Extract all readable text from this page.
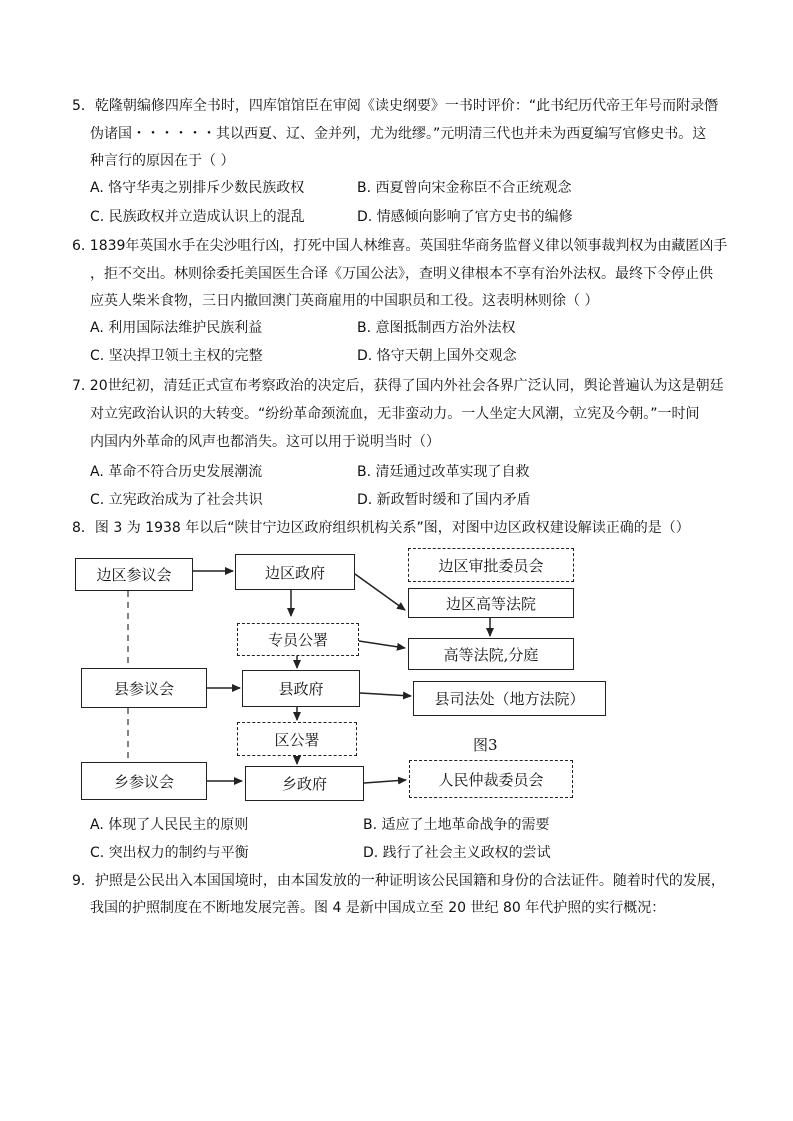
5．乾隆朝编修四库全书时，四库馆馆臣在审阅《读史纲要》一书时评价：“此书纪历代帝王年号而附录僭
伪诸国・・・・・・其以西夏、辽、金并列，尤为纰缪。”元明清三代也并未为西夏编写官修史书。这
种言行的原因在于（ ）
A. 恪守华夷之别排斥少数民族政权	B. 西夏曾向宋金称臣不合正统观念
C. 民族政权并立造成认识上的混乱	D. 情感倾向影响了官方史书的编修
6. 1839年英国水手在尖沙咀行凶，打死中国人林维喜。英国驻华商务监督义律以领事裁判权为由藏匿凶手
，拒不交出。林则徐委托美国医生合译《万国公法》，查明义律根本不享有治外法权。最终下令停止供
应英人柴米食物，三日内撤回澳门英商雇用的中国职员和工役。这表明林则徐（ ）
A. 利用国际法维护民族利益	B. 意图抵制西方治外法权
C. 坚决捍卫领土主权的完整	D. 恪守天朝上国外交观念
7. 20世纪初，清廷正式宣布考察政治的决定后，获得了国内外社会各界广泛认同，舆论普遍认为这是朝廷
对立宪政治认识的大转变。“纷纷革命颈流血，无非蛮动力。一人坐定大风潮，立宪及今朝。”一时间
内国内外革命的风声也都消失。这可以用于说明当时（）
A. 革命不符合历史发展潮流	B. 清廷通过改革实现了自救
C. 立宪政治成为了社会共识	D. 新政暂时缓和了国内矛盾
8．图 3 为 1938 年以后“陕甘宁边区政府组织机构关系”图，对图中边区政权建设解读正确的是（）
边区参议会	边区政府	边区审批委员会
边区高等法院
专员公署
高等法院,分庭
县参议会	县政府
县司法处（地方法院）
区公署	图3
乡参议会	乡政府	人民仲裁委员会
A. 体现了人民民主的原则	B. 适应了土地革命战争的需要
C. 突出权力的制约与平衡	D. 践行了社会主义政权的尝试
9．护照是公民出入本国国境时，由本国发放的一种证明该公民国籍和身份的合法证件。随着时代的发展，
我国的护照制度在不断地发展完善。图 4 是新中国成立至 20 世纪 80 年代护照的实行概况：
